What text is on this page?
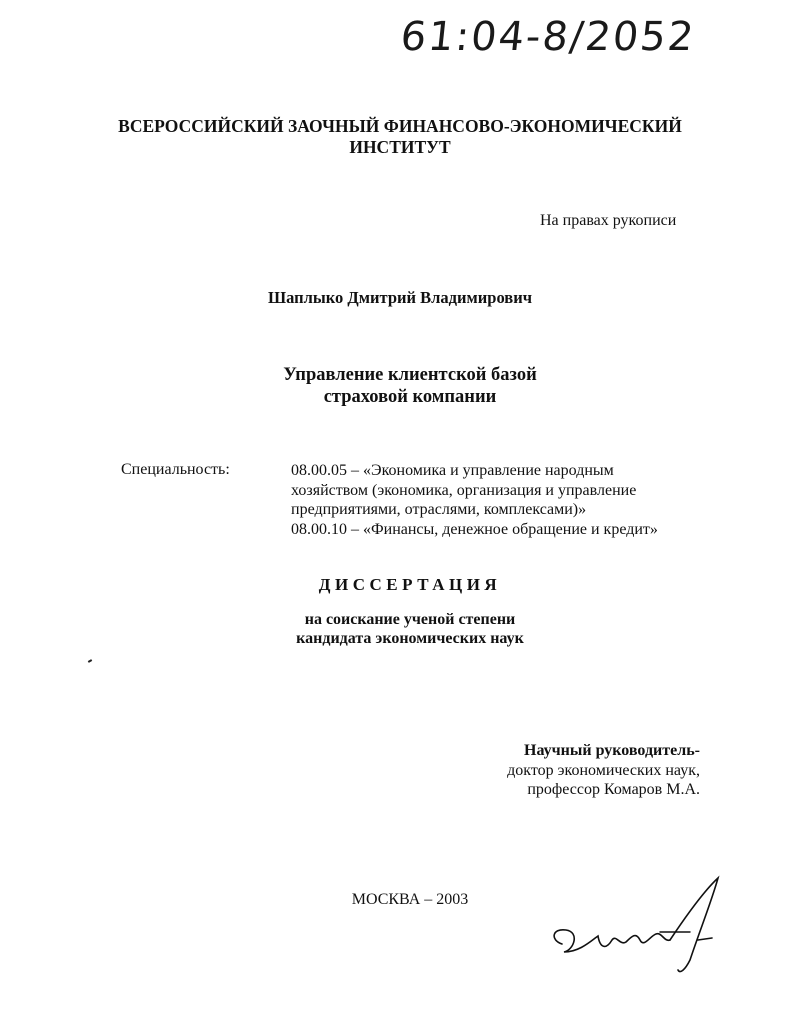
61:04-8/2052
ВСЕРОССИЙСКИЙ ЗАОЧНЫЙ ФИНАНСОВО-ЭКОНОМИЧЕСКИЙ
ИНСТИТУТ
На правах рукописи
Шаплыко Дмитрий Владимирович
Управление клиентской базой
страховой компании
Специальность:	08.00.05 – «Экономика и управление народным
хозяйством (экономика, организация и управление
предприятиями, отраслями, комплексами)»
08.00.10 – «Финансы, денежное обращение и кредит»
ДИССЕРТАЦИЯ
на соискание ученой степени
кандидата экономических наук
Научный руководитель-
доктор экономических наук,
профессор Комаров М.А.
МОСКВА – 2003
